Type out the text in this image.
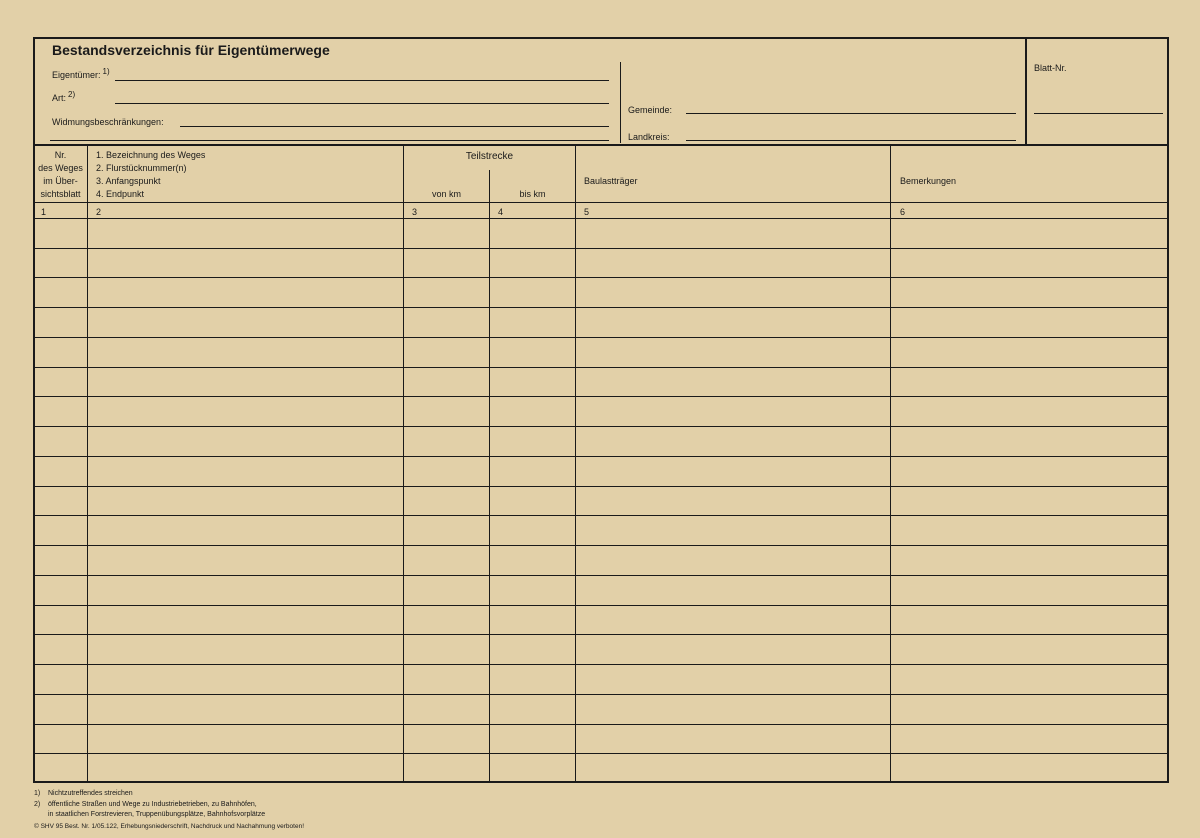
Bestandsverzeichnis für Eigentümerwege
Eigentümer: 1)
Art: 2)
Widmungsbeschränkungen:
Gemeinde:
Landkreis:
Blatt-Nr.
Nr.
des Weges
im Über-
sichtsblatt
1. Bezeichnung des Weges
2. Flurstücknummer(n)
3. Anfangspunkt
4. Endpunkt
Teilstrecke
von km	bis km
Baulastträger	Bemerkungen
1	2	3	4	5	6
1) Nichtzutreffendes streichen
2) öffentliche Straßen und Wege zu Industriebetrieben, zu Bahnhöfen,
in staatlichen Forstrevieren, Truppenübungsplätze, Bahnhofsvorplätze
© SHV 95 Best. Nr. 1/05.122, Erhebungsniederschrift, Nachdruck und Nachahmung verboten!
